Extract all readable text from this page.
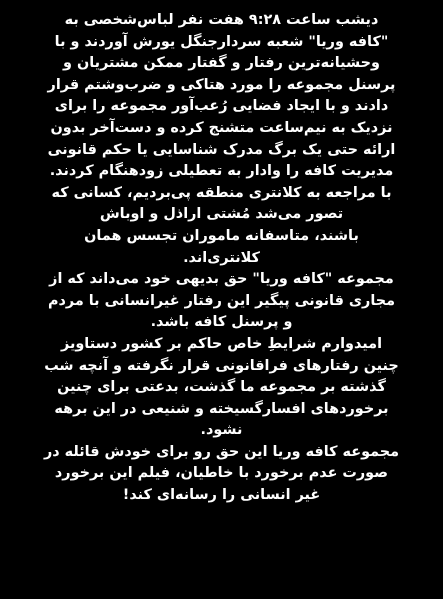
دیشب ساعت ۹:۲۸ هفت نفر لباس‌شخصی به
"کافه وریا" شعبه سردارجنگل یورش آوردند و با
وحشیانه‌ترین رفتار و گفتار ممکن مشتریان و
پرسنل مجموعه را مورد هتاکی و ضرب‌وشتم قرار
دادند و با ایجاد فضایی رُعب‌آور مجموعه را برای
نزدیک به نیم‌ساعت متشنج کرده و دست‌آخر بدون
ارائه حتی یک برگ مدرک شناسایی یا حکم قانونی
مدیریت کافه را وادار به تعطیلی زودهنگام کردند.
با مراجعه به کلانتری منطقه پی‌بردیم، کسانی که
تصور می‌شد مُشتی اراذل و اوباش
باشند، متاسفانه ماموران تجسس همان
کلانتری‌اند.

مجموعه "کافه وریا" حق بدیهی خود می‌داند که از
مجاری قانونی پیگیر این رفتار غیرانسانی با مردم
و پرسنل کافه باشد.

امیدوارم شرایطِ خاص حاکم بر کشور دستاویز
چنین رفتارهای فراقانونی قرار نگرفته و آنچه شب
گذشته بر مجموعه ما گذشت، بدعتی برای چنین
برخوردهای افسارگسیخته و شنیعی در این برهه
نشود.

مجموعه کافه وریا این حق رو برای خودش قائله در
صورت عدم برخورد با خاطیان، فیلم این برخورد
غیر انسانی را رسانه‌ای کند!
